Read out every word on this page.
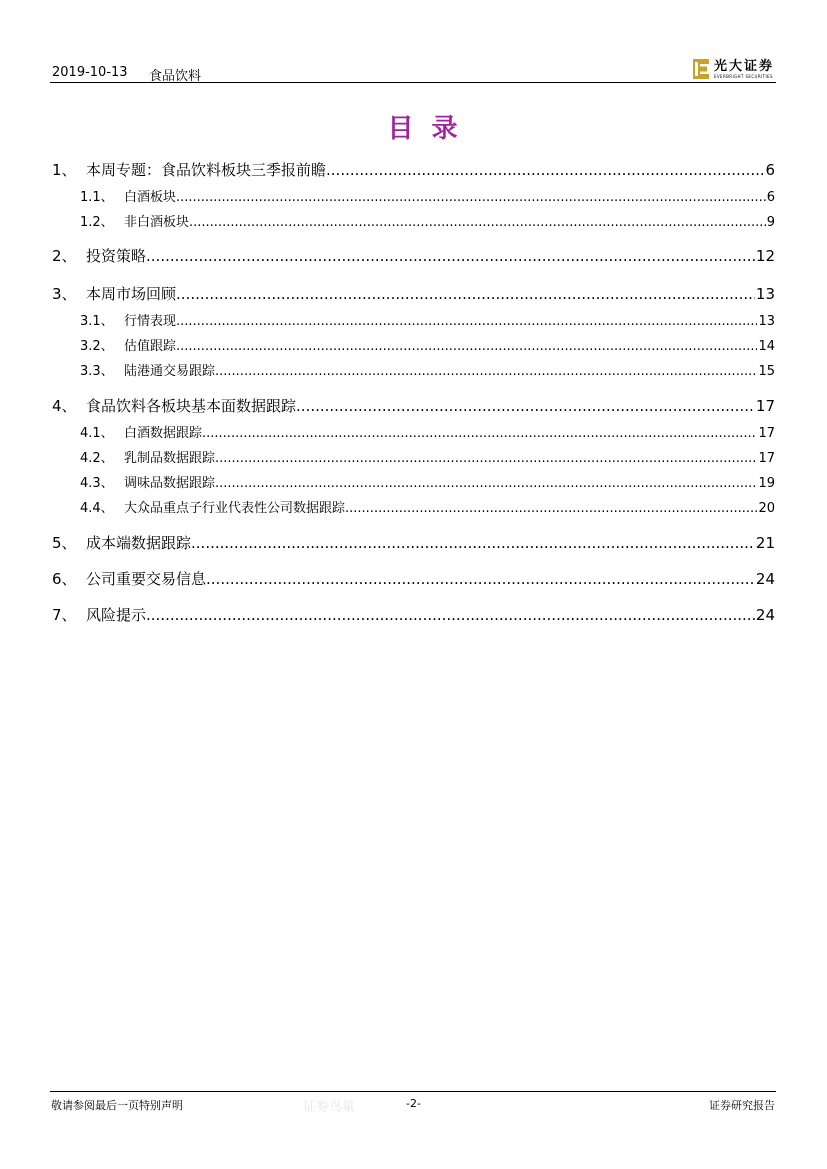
2019-10-13 食品饮料
光大证券
EVERBRIGHT SECURITIES
目录
1、 本周专题：食品饮料板块三季报前瞻 .....	6
1.1、 白酒板块 .....	6
1.2、 非白酒板块 .....	9
2、 投资策略 .....	12
3、 本周市场回顾 .....	13
3.1、 行情表现 .....	13
3.2、 估值跟踪 .....	14
3.3、 陆港通交易跟踪 .....	15
4、 食品饮料各板块基本面数据跟踪 .....	17
4.1、 白酒数据跟踪 .....	17
4.2、 乳制品数据跟踪 .....	17
4.3、 调味品数据跟踪 .....	19
4.4、 大众品重点子行业代表性公司数据跟踪 .....	20
5、 成本端数据跟踪 .....	21
6、 公司重要交易信息 .....	24
7、 风险提示 .....	24
敬请参阅最后一页特别声明	证券鸟巢	-2-	证券研究报告
